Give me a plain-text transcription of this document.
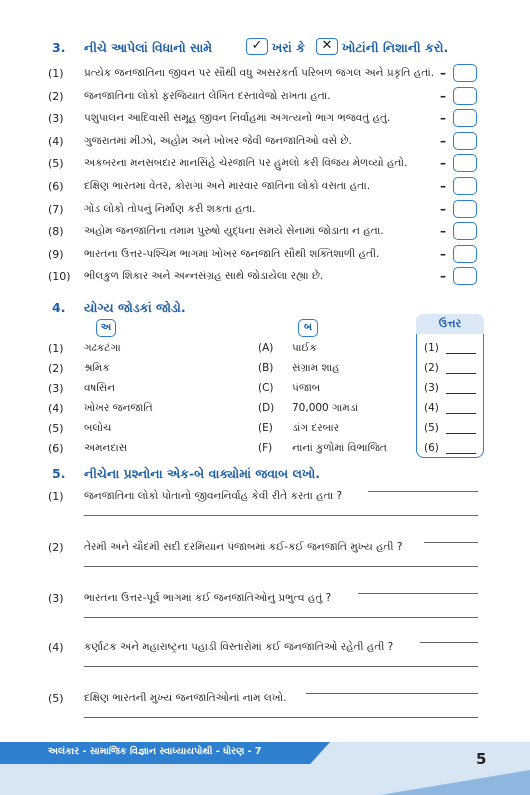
3. નીચે આપેલાં વિધાનો સામે	✓ ખરાં કે	✕ ખોટાંની નિશાની કરો.
(1) પ્રત્યેક જનજાતિના જીવન પર સૌથી વધુ અસરકર્તા પરિબળ જંગલ અને પ્રકૃતિ હતાં. –
(2) જનજાતિના લોકો ફરજિયાત લેખિત દસ્તાવેજો રાખતા હતા.	–
(3) પશુપાલન આદિવાસી સમૂહ જીવન નિર્વાહમાં અગત્યનો ભાગ ભજવતું હતું.	–
(4) ગુજરાતમાં મીઝો, અહોમ અને ખોખર જેવી જનજાતિઓ વસે છે.	–
(5) અકબરના મનસબદાર માનસિંહે ચેરજાતિ પર હુમલો કરી વિજય મેળવ્યો હતો.	–
(6) દક્ષિણ ભારતમાં વેતર, કોરાગા અને મારવાર જાતિના લોકો વસતા હતા.	–
(7) ગોંડ લોકો તોપનું નિર્માણ કરી શકતા હતા.	–
(8) અહોમ જનજાતિના તમામ પુરુષો યુદ્ધના સમયે સેનામાં જોડાતા ન હતા.	–
(9) ભારતના ઉત્તર-પશ્ચિમ ભાગમાં ખોખર જનજાતિ સૌથી શક્તિશાળી હતી.	–
(10) ભીલકુળ શિકાર અને અન્નસંગ્રહ સાથે જોડાયેલા રહ્યા છે.	–
4. યોગ્ય જોડકાં જોડો.
અ	બ	ઉત્તર
(1) ગઢકટંગા	(A) પાઈક	(1)
(2) શ્રમિક	(B) સંગ્રામ શાહ	(2)
(3) વષસિન	(C) પંજાબ	(3)
(4) ખોખર જનજાતિ	(D) 70,000 ગામડાં	(4)
(5) બલોચ	(E) ડાંગ દરબાર	(5)
(6) અમનદાસ	(F) નાનાં કુળોમાં વિભાજિત	(6)
5. નીચેના પ્રશ્નોના એક-બે વાક્યોમાં જવાબ લખો.
(1) જનજાતિના લોકો પોતાનો જીવનનિર્વાહ કેવી રીતે કરતા હતા ?
(2) તેરમી અને ચૌદમી સદી દરમિયાન પંજાબમાં કઈ-કઈ જનજાતિ મુખ્ય હતી ?
(3) ભારતના ઉત્તર-પૂર્વ ભાગમાં કઈ જનજાતિઓનું પ્રભુત્વ હતું ?
(4) કર્ણાટક અને મહારાષ્ટ્રના પહાડી વિસ્તારોમાં કઈ જનજાતિઓ રહેતી હતી ?
(5) દક્ષિણ ભારતની મુખ્ય જનજાતિઓનાં નામ લખો.
અલંકાર - સામાજિક વિજ્ઞાન સ્વાધ્યાયપોથી - ધોરણ - 7	5
